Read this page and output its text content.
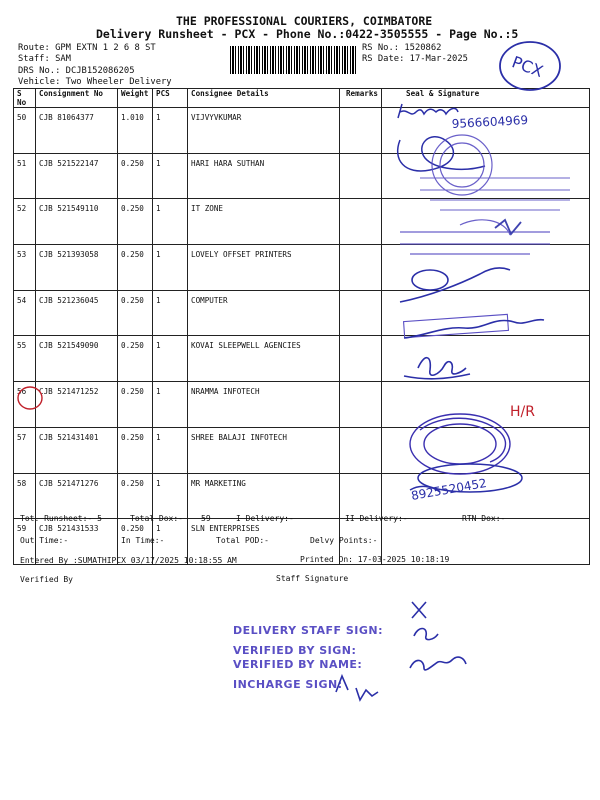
THE PROFESSIONAL COURIERS, COIMBATORE
Delivery Runsheet - PCX - Phone No.:0422-3505555 - Page No.:5
Route: GPM EXTN 1 2 6 8 ST
Staff: SAM
DRS No.: DCJB152086205
Vehicle: Two Wheeler Delivery
RS No.: 1520862
RS Date: 17-Mar-2025
S No	Consignment No	Weight	PCS	Consignee Details	Remarks	Seal & Signature
50	CJB 81064377	1.010	1	VIJVYVKUMAR		
51	CJB 521522147	0.250	1	HARI HARA SUTHAN		
52	CJB 521549110	0.250	1	IT ZONE		
53	CJB 521393058	0.250	1	LOVELY OFFSET PRINTERS		
54	CJB 521236045	0.250	1	COMPUTER		
55	CJB 521549090	0.250	1	KOVAI SLEEPWELL AGENCIES		
56	CJB 521471252	0.250	1	NRAMMA INFOTECH		
57	CJB 521431401	0.250	1	SHREE BALAJI INFOTECH		
58	CJB 521471276	0.250	1	MR MARKETING		
59	CJB 521431533	0.250	1	SLN ENTERPRISES		
Tot. Runsheet:- 5	Total Dox:- 59	I Delivery:-	II Delivery:-	RTN Dox:-
Out Time:-	In Time:-	Total POD:-	Delvy Points:-
Entered By :SUMATHIPCX 03/17/2025 10:18:55 AM	Printed On: 17-03-2025 10:18:19
Verified By	Staff Signature
DELIVERY STAFF SIGN:
VERIFIED BY SIGN:
VERIFIED BY NAME:
INCHARGE SIGN:
PCX
9566604969
H/R
8925520452
